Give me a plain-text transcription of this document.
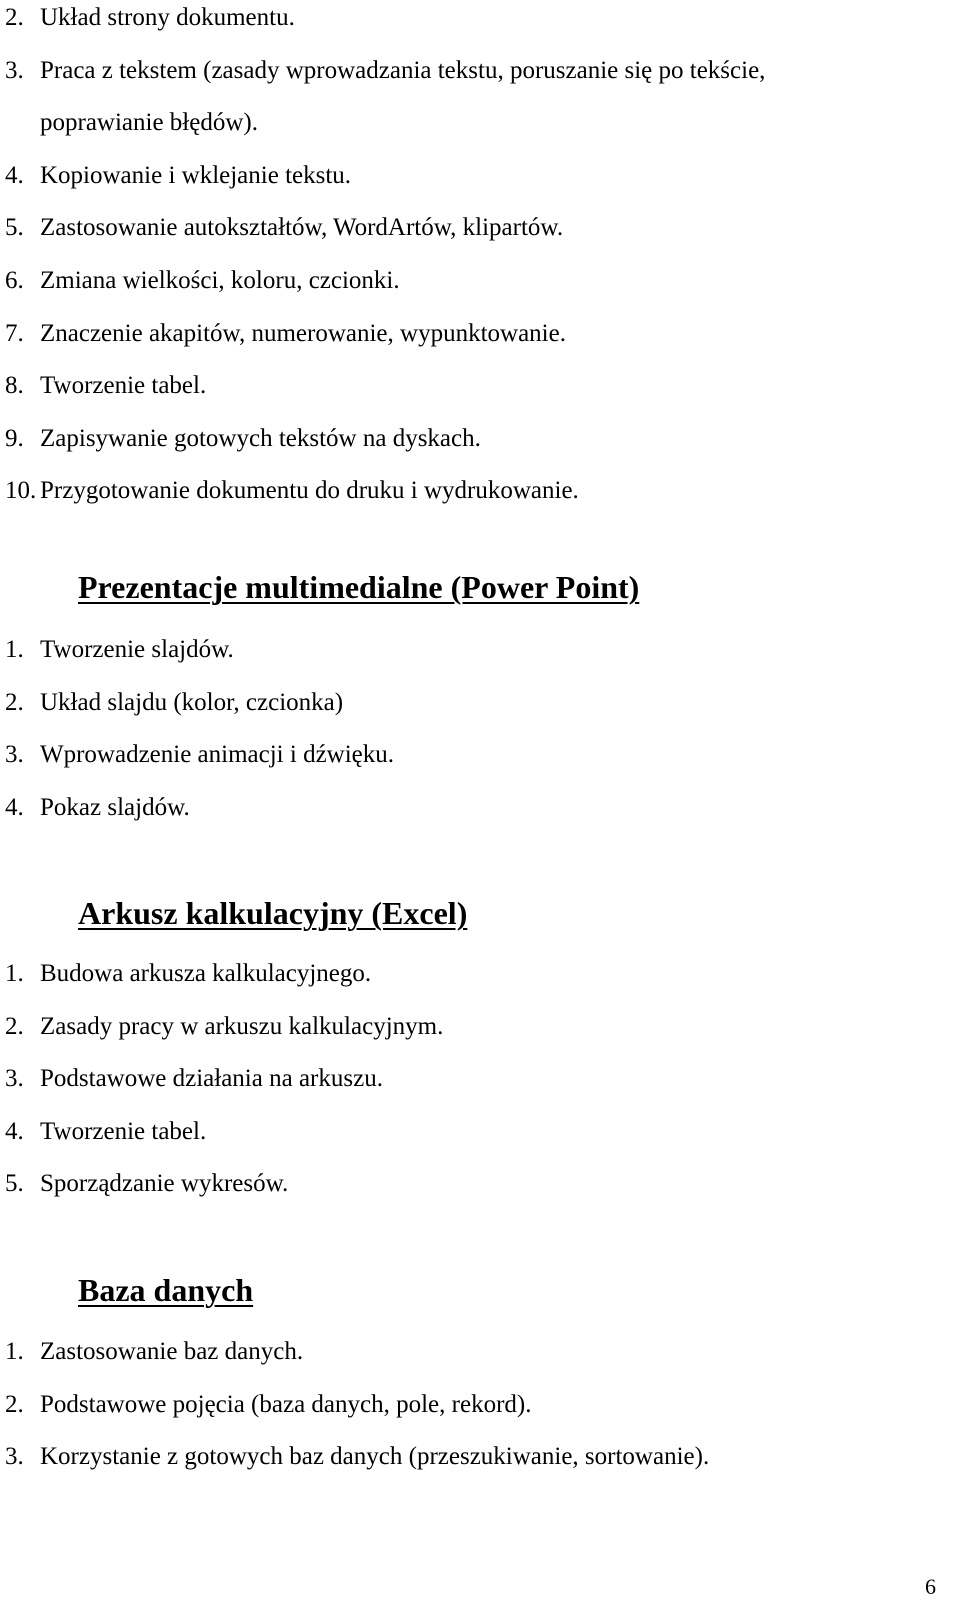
2. Układ strony dokumentu.
3. Praca z tekstem (zasady wprowadzania tekstu, poruszanie się po tekście,
poprawianie błędów).
4. Kopiowanie i wklejanie tekstu.
5. Zastosowanie autokształtów, WordArtów, klipartów.
6. Zmiana wielkości, koloru, czcionki.
7. Znaczenie akapitów, numerowanie, wypunktowanie.
8. Tworzenie tabel.
9. Zapisywanie gotowych tekstów na dyskach.
10. Przygotowanie dokumentu do druku i wydrukowanie.
Prezentacje multimedialne (Power Point)
1. Tworzenie slajdów.
2. Układ slajdu (kolor, czcionka)
3. Wprowadzenie animacji i dźwięku.
4. Pokaz slajdów.
Arkusz kalkulacyjny (Excel)
1. Budowa arkusza kalkulacyjnego.
2. Zasady pracy w arkuszu kalkulacyjnym.
3. Podstawowe działania na arkuszu.
4. Tworzenie tabel.
5. Sporządzanie wykresów.
Baza danych
1. Zastosowanie baz danych.
2. Podstawowe pojęcia (baza danych, pole, rekord).
3. Korzystanie z gotowych baz danych (przeszukiwanie, sortowanie).
6
